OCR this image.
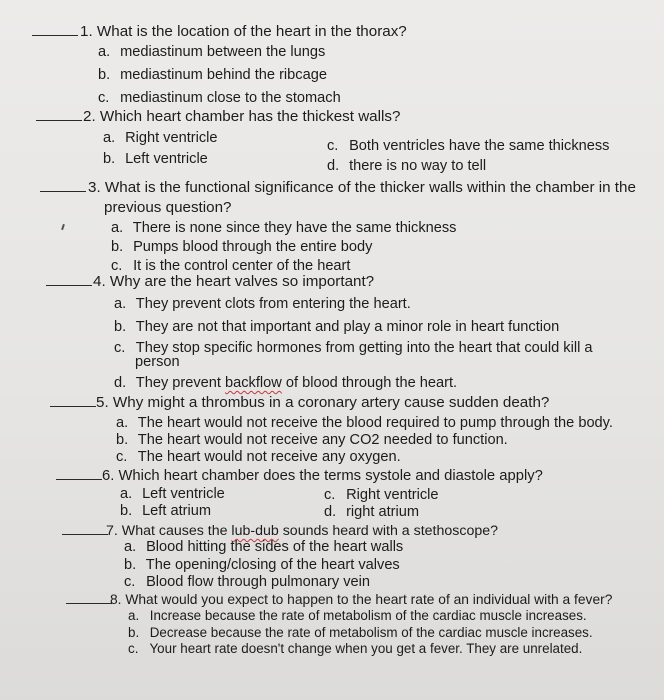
1. What is the location of the heart in the thorax?
a. mediastinum between the lungs
b. mediastinum behind the ribcage
c. mediastinum close to the stomach
2. Which heart chamber has the thickest walls?
a. Right ventricle
b. Left ventricle
c. Both ventricles have the same thickness
d. there is no way to tell
3. What is the functional significance of the thicker walls within the chamber in the
previous question?
a. There is none since they have the same thickness
b. Pumps blood through the entire body
c. It is the control center of the heart
4. Why are the heart valves so important?
a. They prevent clots from entering the heart.
b. They are not that important and play a minor role in heart function
c. They stop specific hormones from getting into the heart that could kill a
person
d. They prevent backflow of blood through the heart.
5. Why might a thrombus in a coronary artery cause sudden death?
a. The heart would not receive the blood required to pump through the body.
b. The heart would not receive any CO2 needed to function.
c. The heart would not receive any oxygen.
6. Which heart chamber does the terms systole and diastole apply?
a. Left ventricle
b. Left atrium
c. Right ventricle
d. right atrium
7. What causes the lub-dub sounds heard with a stethoscope?
a. Blood hitting the sides of the heart walls
b. The opening/closing of the heart valves
c. Blood flow through pulmonary vein
8. What would you expect to happen to the heart rate of an individual with a fever?
a. Increase because the rate of metabolism of the cardiac muscle increases.
b. Decrease because the rate of metabolism of the cardiac muscle increases.
c. Your heart rate doesn't change when you get a fever. They are unrelated.
